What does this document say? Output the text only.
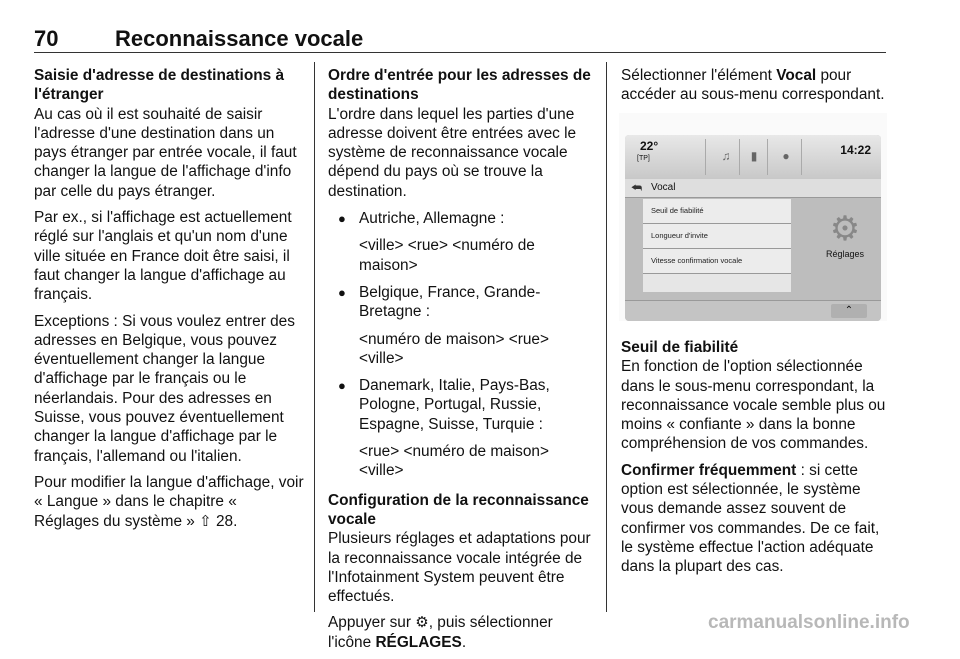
70	Reconnaissance vocale
Saisie d'adresse de destinations à l'étranger

Au cas où il est souhaité de saisir l'adresse d'une destination dans un pays étranger par entrée vocale, il faut changer la langue de l'affichage d'info par celle du pays étranger.

Par ex., si l'affichage est actuellement réglé sur l'anglais et qu'un nom d'une ville située en France doit être saisi, il faut changer la langue d'affichage au français.

Exceptions : Si vous voulez entrer des adresses en Belgique, vous pouvez éventuellement changer la langue d'affichage par le français ou le néerlandais. Pour des adresses en Suisse, vous pouvez éventuellement changer la langue d'affichage par le français, l'allemand ou l'italien.

Pour modifier la langue d'affichage, voir « Langue » dans le chapitre « Réglages du système » ⇧ 28.

Ordre d'entrée pour les adresses de destinations

L'ordre dans lequel les parties d'une adresse doivent être entrées avec le système de reconnaissance vocale dépend du pays où se trouve la destination.

● Autriche, Allemagne :
<ville> <rue> <numéro de maison>
● Belgique, France, Grande-Bretagne :
<numéro de maison> <rue> <ville>
● Danemark, Italie, Pays-Bas, Pologne, Portugal, Russie, Espagne, Suisse, Turquie :
<rue> <numéro de maison> <ville>
Configuration de la reconnaissance vocale

Plusieurs réglages et adaptations pour la reconnaissance vocale intégrée de l'Infotainment System peuvent être effectués.

Appuyer sur ⚙, puis sélectionner l'icône RÉGLAGES.

Sélectionner l'élément Vocal pour accéder au sous-menu correspondant.

22°
[TP]	♫	▮	●	14:22
⮪ Vocal
Seuil de fiabilité
Longueur d'invite
Vitesse confirmation vocale
⚙
Réglages
⌃
Seuil de fiabilité

En fonction de l'option sélectionnée dans le sous-menu correspondant, la reconnaissance vocale semble plus ou moins « confiante » dans la bonne compréhension de vos commandes.

Confirmer fréquemment : si cette option est sélectionnée, le système vous demande assez souvent de confirmer vos commandes. De ce fait, le système effectue l'action adéquate dans la plupart des cas.

carmanualsonline.info
